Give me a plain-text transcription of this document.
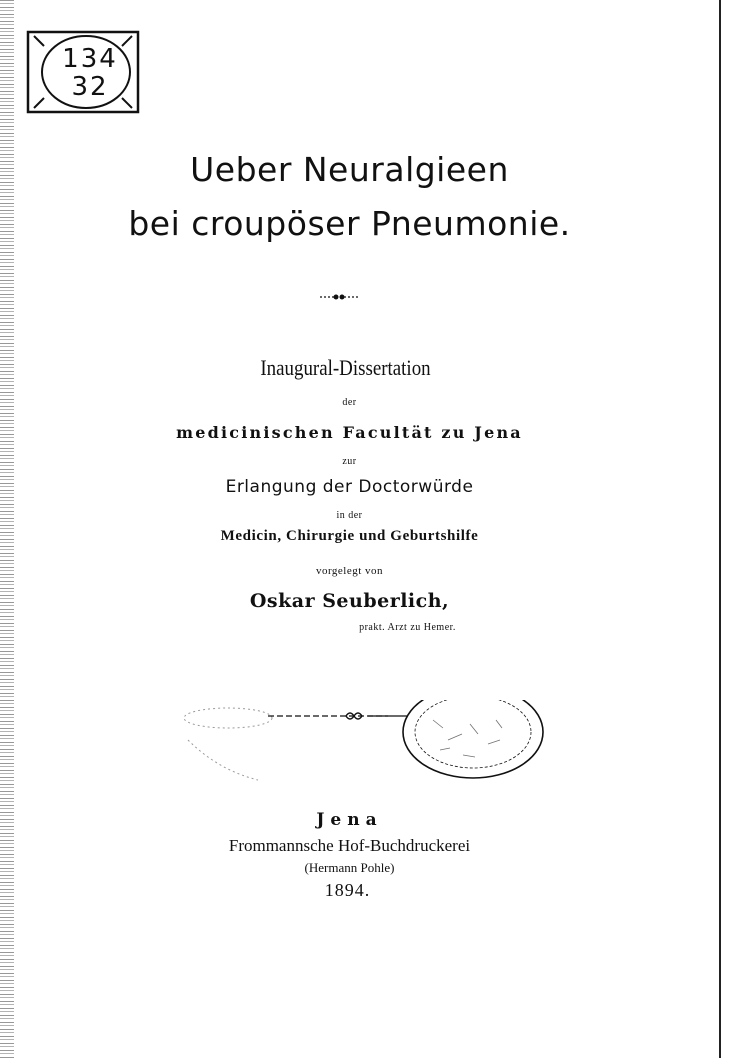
134
32
Ueber Neuralgieen
bei croupöser Pneumonie.
Inaugural-Dissertation
der
medicinischen Facultät zu Jena
zur
Erlangung der Doctorwürde
in der
Medicin, Chirurgie und Geburtshilfe
vorgelegt von
Oskar Seuberlich,
prakt. Arzt zu Hemer.
Jena
Frommannsche Hof-Buchdruckerei
(Hermann Pohle)
1894.
